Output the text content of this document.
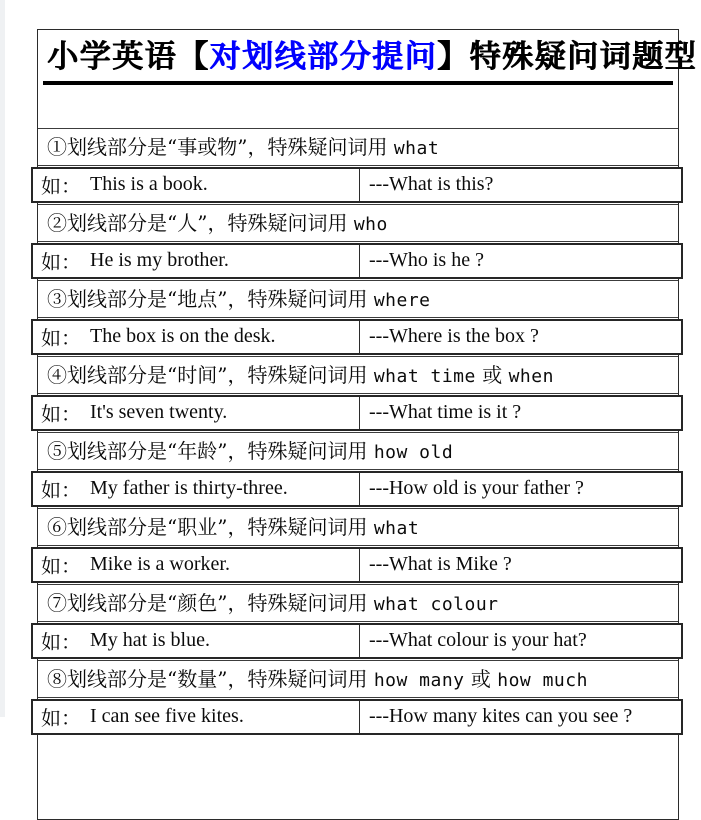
小学英语【对划线部分提问】特殊疑问词题型
①划线部分是“事或物”，特殊疑问词用 what
如： This is a book.	---What is this?
②划线部分是“人”，特殊疑问词用 who
如： He is my brother.	---Who is he ?
③划线部分是“地点”，特殊疑问词用 where
如： The box is on the desk.	---Where is the box ?
④划线部分是“时间”，特殊疑问词用 what time 或 when
如： It's seven twenty.	---What time is it ?
⑤划线部分是“年龄”，特殊疑问词用 how old
如： My father is thirty-three.	---How old is your father ?
⑥划线部分是“职业”，特殊疑问词用 what
如： Mike is a worker.	---What is Mike ?
⑦划线部分是“颜色”，特殊疑问词用 what colour
如： My hat is blue.	---What colour is your hat?
⑧划线部分是“数量”，特殊疑问词用 how many 或 how much
如： I can see five kites.	---How many kites can you see ?
